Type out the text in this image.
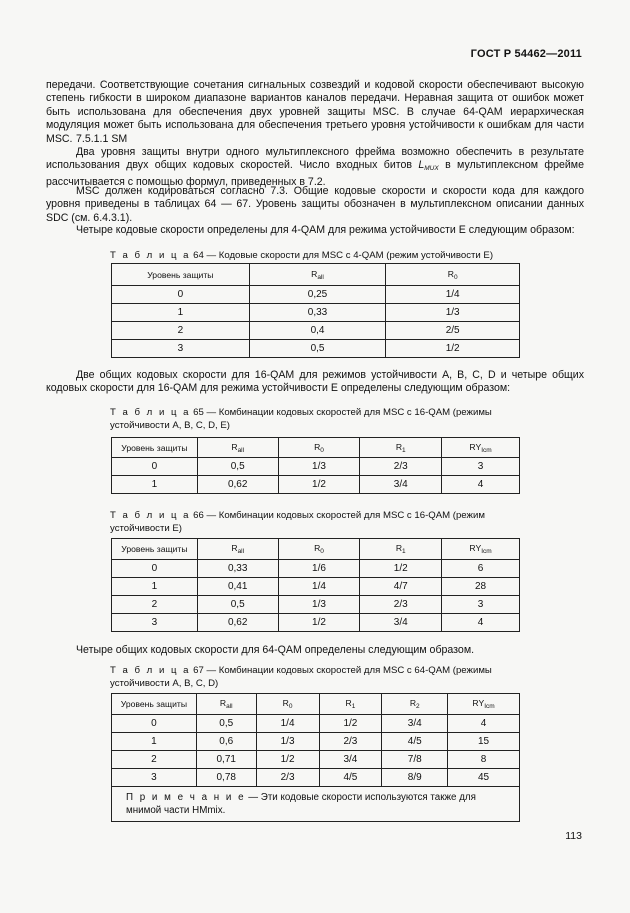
ГОСТ Р 54462—2011
передачи. Соответствующие сочетания сигнальных созвездий и кодовой скорости обеспечивают высокую степень гибкости в широком диапазоне вариантов каналов передачи. Неравная защита от ошибок может быть использована для обеспечения двух уровней защиты MSC. В случае 64-QAM иерархическая модуляция может быть использована для обеспечения третьего уровня устойчивости к ошибкам для части MSC. 7.5.1.1 SM
Два уровня защиты внутри одного мультиплексного фрейма возможно обеспечить в результате использования двух общих кодовых скоростей. Число входных битов $L_{MUX}$ в мультиплексном фрейме рассчитывается с помощью формул, приведенных в 7.2.
MSC должен кодироваться согласно 7.3. Общие кодовые скорости и скорости кода для каждого уровня приведены в таблицах 64 — 67. Уровень защиты обозначен в мультиплексном описании данных SDC (см. 6.4.3.1).
Четыре кодовые скорости определены для 4-QAM для режима устойчивости E следующим образом:
Т а б л и ц а 64 — Кодовые скорости для MSC с 4-QAM (режим устойчивости E)
Уровень защиты	$R_{all}$	$R_0$
0	0,25	1/4
1	0,33	1/3
2	0,4	2/5
3	0,5	1/2
Две общих кодовых скорости для 16-QAM для режимов устойчивости A, B, C, D и четыре общих кодовых скорости для 16-QAM для режима устойчивости E определены следующим образом:
Т а б л и ц а 65 — Комбинации кодовых скоростей для MSC с 16-QAM (режимы устойчивости A, B, C, D, E)
Уровень защиты	$R_{all}$	$R_0$	$R_1$	$RY_{Icm}$
0	0,5	1/3	2/3	3
1	0,62	1/2	3/4	4
Т а б л и ц а 66 — Комбинации кодовых скоростей для MSC с 16-QAM (режим устойчивости E)
Уровень защиты	$R_{all}$	$R_0$	$R_1$	$RY_{Icm}$
0	0,33	1/6	1/2	6
1	0,41	1/4	4/7	28
2	0,5	1/3	2/3	3
3	0,62	1/2	3/4	4
Четыре общих кодовых скорости для 64-QAM определены следующим образом.
Т а б л и ц а 67 — Комбинации кодовых скоростей для MSC с 64-QAM (режимы устойчивости A, B, C, D)
Уровень защиты	$R_{all}$	$R_0$	$R_1$	$R_2$	$RY_{Icm}$
0	0,5	1/4	1/2	3/4	4
1	0,6	1/3	2/3	4/5	15
2	0,71	1/2	3/4	7/8	8
3	0,78	2/3	4/5	8/9	45
П р и м е ч а н и е — Эти кодовые скорости используются также для мнимой части HMmix.					
113
